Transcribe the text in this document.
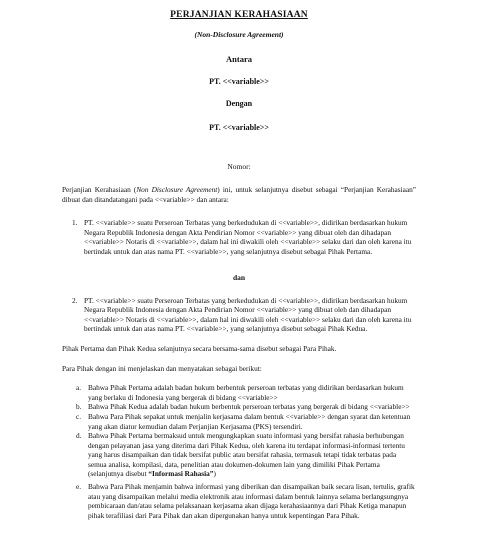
PERJANJIAN KERAHASIAAN

(Non-Disclosure Agreement)
Antara
PT. <<variable>>
Dengan
PT. <<variable>>
Nomor:

Perjanjian Kerahasiaan (Non Disclosure Agreement) ini, untuk selanjutnya disebut sebagai “Perjanjian Kerahasiaan” dibuat dan ditandatangani pada <<variable>> dan antara:

1. PT. <<variable>> suatu Perseroan Terbatas yang berkedudukan di <<variable>>, didirikan berdasarkan hukum Negara Republik Indonesia dengan Akta Pendirian Nomor <<variable>> yang dibuat oleh dan dihadapan <<variable>> Notaris di <<variable>>, dalam hal ini diwakili oleh <<variable>> selaku dari dan oleh karena itu bertindak untuk dan atas nama PT. <<variable>>, yang selanjutnya disebut sebagai Pihak Pertama.
dan
2. PT. <<variable>> suatu Perseroan Terbatas yang berkedudukan di <<variable>>, didirikan berdasarkan hukum Negara Republik Indonesia dengan Akta Pendirian Nomor <<variable>> yang dibuat oleh dan dihadapan <<variable>> Notaris di <<variable>>, dalam hal ini diwakili oleh <<variable>> selaku dari dan oleh karena itu bertindak untuk dan atas nama PT. <<variable>>, yang selanjutnya disebut sebagai Pihak Kedua.

Pihak Pertama dan Pihak Kedua selanjutnya secara bersama-sama disebut sebagai Para Pihak.

Para Pihak dengan ini menjelaskan dan menyatakan sebagai berikut:

a. Bahwa Pihak Pertama adalah badan hukum berbentuk perseroan terbatas yang didirikan berdasarkan hukum yang berlaku di Indonesia yang bergerak di bidang <<variable>>
b. Bahwa Pihak Kedua adalah badan hukum berbentuk perseroan terbatas yang bergerak di bidang <<variable>>
c. Bahwa Para Pihak sepakat untuk menjalin kerjasama dalam bentuk <<variable>> dengan syarat dan ketentuan yang akan diatur kemudian dalam Perjanjian Kerjasama (PKS) tersendiri.
d. Bahwa Pihak Pertama bermaksud untuk mengungkapkan suatu informasi yang bersifat rahasia berhubungan dengan pelayanan jasa yang diterima dari Pihak Kedua, oleh karena itu terdapat informasi-informasi tertentu yang harus disampaikan dan tidak bersifat public atau bersifat rahasia, termasuk tetapi tidak terbatas pada semua analisa, kompilasi, data, penelitian atau dokumen-dokumen lain yang dimiliki Pihak Pertama (selanjutnya disebut “Informasi Rahasia”)
e. Bahwa Para Pihak menjamin bahwa informasi yang diberikan dan disampaikan baik secara lisan, tertulis, grafik atau yang disampaikan melalui media elektronik atau informasi dalam bentuk lainnya selama berlangsungnya pembicaraan dan/atau selama pelaksanaan kerjasama akan dijaga kerahasiaannya dari Pihak Ketiga manapun pihak terafiliasi dari Para Pihak dan akan dipergunakan hanya untuk kepentingan Para Pihak.
